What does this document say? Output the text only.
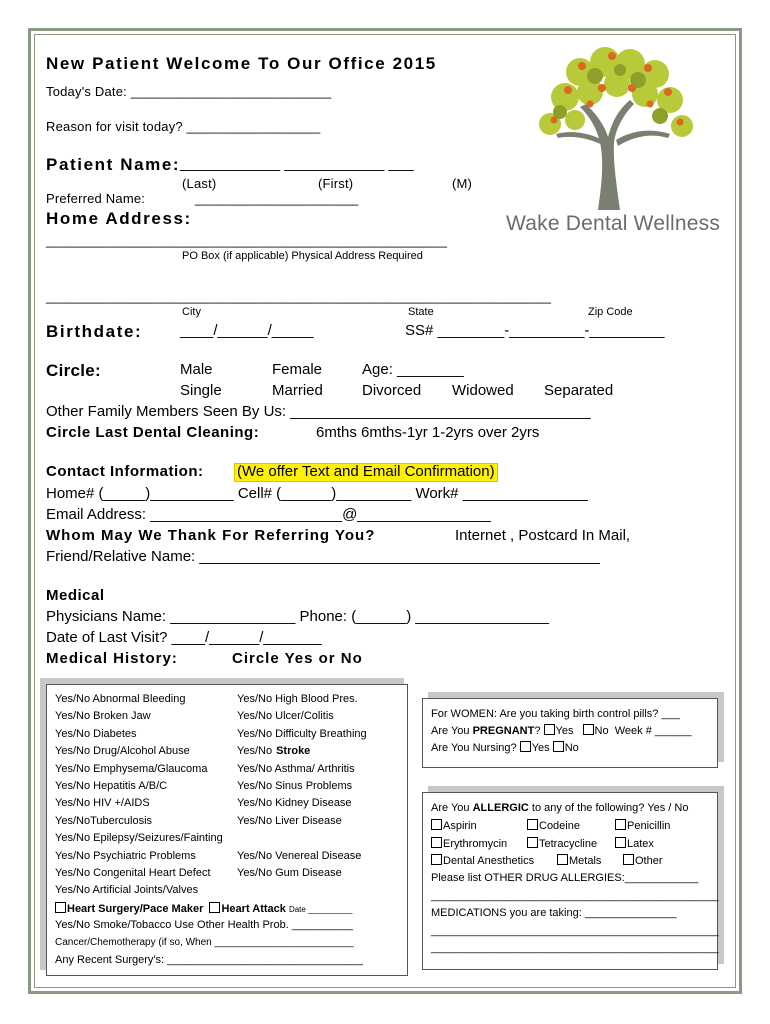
Wake Dental Wellness
New Patient Welcome To Our Office 2015
Today's Date: ___________________________
Reason for visit today? __________________
Patient Name: ____________ ____________ ___
(Last)	(First)	(M)
Preferred Name:	______________________
Home Address:
______________________________________________________
PO Box (if applicable) Physical Address Required
____________________________________________________________________
City	State	Zip Code
Birthdate:	____/______/_____	SS# ________-_________-_________
Circle:	Male	Female	Age: ________
Single	Married	Divorced Widowed Separated
Other Family Members Seen By Us: ____________________________________
Circle Last Dental Cleaning:	6mths 6mths-1yr 1-2yrs over 2yrs
Contact Information: (We offer Text and Email Confirmation)
Home# (_____)__________ Cell# (______)_________ Work# _______________
Email Address: _______________________@________________
Whom May We Thank For Referring You?	Internet , Postcard In Mail,
Friend/Relative Name: ________________________________________________
Medical
Physicians Name: _______________ Phone: (______) ________________
Date of Last Visit? ____/______/_______
Medical History:	Circle Yes or No
Yes/No Abnormal Bleeding
Yes/No Broken Jaw
Yes/No Diabetes
Yes/No Drug/Alcohol Abuse
Yes/No Emphysema/Glaucoma
Yes/No Hepatitis A/B/C
Yes/No HIV +/AIDS
Yes/NoTuberculosis
Yes/No Epilepsy/Seizures/Fainting
Yes/No Psychiatric Problems
Yes/No Congenital Heart Defect
Yes/No Artificial Joints/Valves
Yes/No High Blood Pres.
Yes/No Ulcer/Colitis
Yes/No Difficulty Breathing
Yes/No Stroke
Yes/No Asthma/ Arthritis
Yes/No Sinus Problems
Yes/No Kidney Disease
Yes/No Liver Disease
Yes/No Venereal Disease
Yes/No Gum Disease
Heart Surgery/Pace Maker Heart Attack Date __________
Yes/No Smoke/Tobacco Use Other Health Prob. __________
Cancer/Chemotherapy (if so, When _________________________
Any Recent Surgery's: ________________________________
For WOMEN: Are you taking birth control pills? ___
Are You PREGNANT? Yes No Week # ______
Are You Nursing? Yes No
Are You ALLERGIC to any of the following? Yes / No
Aspirin	Codeine	Penicillin
Erythromycin	Tetracycline	Latex
Dental Anesthetics	Metals	Other
Please list OTHER DRUG ALLERGIES:____________
_______________________________________________
MEDICATIONS you are taking: _______________
_______________________________________________
_______________________________________________
